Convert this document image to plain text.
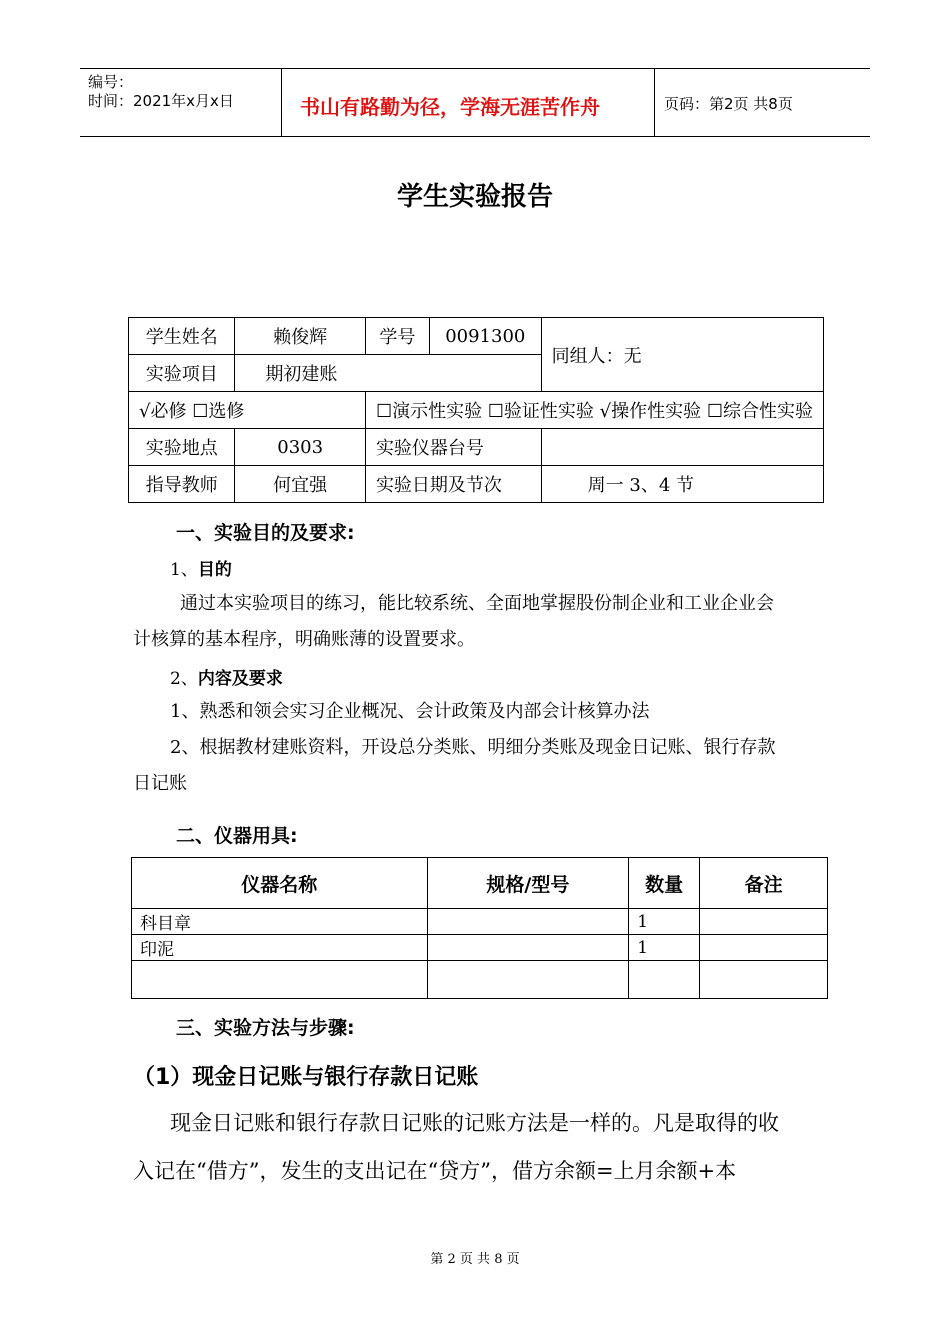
编号：
时间：2021年x月x日	书山有路勤为径，学海无涯苦作舟	页码：第2页 共8页
学生实验报告
学生姓名	赖俊辉	学号	0091300	同组人：无
实验项目	期初建账			
√必修 ☐选修		☐演示性实验 ☐验证性实验 √操作性实验 ☐综合性实验		
实验地点	0303	实验仪器台号		
指导教师	何宜强	实验日期及节次		周一 3、4 节
一、实验目的及要求:
1、目的
通过本实验项目的练习，能比较系统、全面地掌握股份制企业和工业企业会
计核算的基本程序，明确账薄的设置要求。
2、内容及要求
1、熟悉和领会实习企业概况、会计政策及内部会计核算办法
2、根据教材建账资料，开设总分类账、明细分类账及现金日记账、银行存款
日记账
二、仪器用具:
仪器名称	规格/型号	数量	备注
科目章		1	
印泥		1	

三、实验方法与步骤:
（1）现金日记账与银行存款日记账
现金日记账和银行存款日记账的记账方法是一样的。凡是取得的收
入记在“借方”，发生的支出记在“贷方”，借方余额=上月余额+本
第 2 页 共 8 页
